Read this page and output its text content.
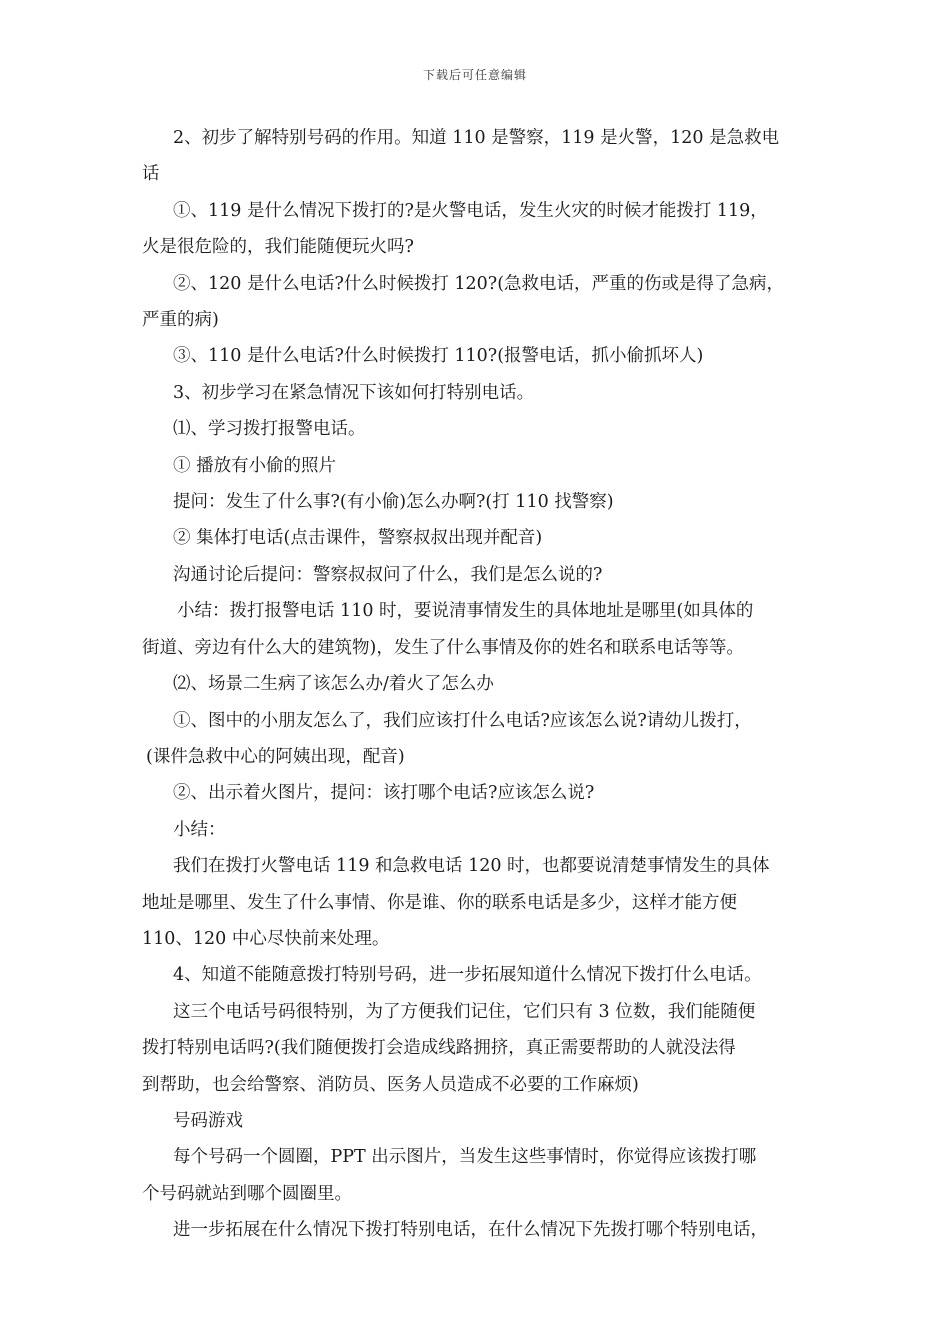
下载后可任意编辑

2、初步了解特别号码的作用。知道 110 是警察，119 是火警，120 是急救电

话

①、119 是什么情况下拨打的?是火警电话，发生火灾的时候才能拨打 119，

火是很危险的，我们能随便玩火吗?

②、120 是什么电话?什么时候拨打 120?(急救电话，严重的伤或是得了急病，

严重的病)

③、110 是什么电话?什么时候拨打 110?(报警电话，抓小偷抓坏人)

3、初步学习在紧急情况下该如何打特别电话。

⑴、学习拨打报警电话。

① 播放有小偷的照片

提问：发生了什么事?(有小偷)怎么办啊?(打 110 找警察)

② 集体打电话(点击课件，警察叔叔出现并配音)

沟通讨论后提问：警察叔叔问了什么，我们是怎么说的?

小结：拨打报警电话 110 时，要说清事情发生的具体地址是哪里(如具体的

街道、旁边有什么大的建筑物)，发生了什么事情及你的姓名和联系电话等等。

⑵、场景二生病了该怎么办/着火了怎么办

①、图中的小朋友怎么了，我们应该打什么电话?应该怎么说?请幼儿拨打，

(课件急救中心的阿姨出现，配音)

②、出示着火图片，提问：该打哪个电话?应该怎么说?

小结：

我们在拨打火警电话 119 和急救电话 120 时，也都要说清楚事情发生的具体

地址是哪里、发生了什么事情、你是谁、你的联系电话是多少，这样才能方便

110、120 中心尽快前来处理。

4、知道不能随意拨打特别号码，进一步拓展知道什么情况下拨打什么电话。

这三个电话号码很特别，为了方便我们记住，它们只有 3 位数，我们能随便

拨打特别电话吗?(我们随便拨打会造成线路拥挤，真正需要帮助的人就没法得

到帮助，也会给警察、消防员、医务人员造成不必要的工作麻烦)

号码游戏

每个号码一个圆圈，PPT 出示图片，当发生这些事情时，你觉得应该拨打哪

个号码就站到哪个圆圈里。

进一步拓展在什么情况下拨打特别电话，在什么情况下先拨打哪个特别电话，
